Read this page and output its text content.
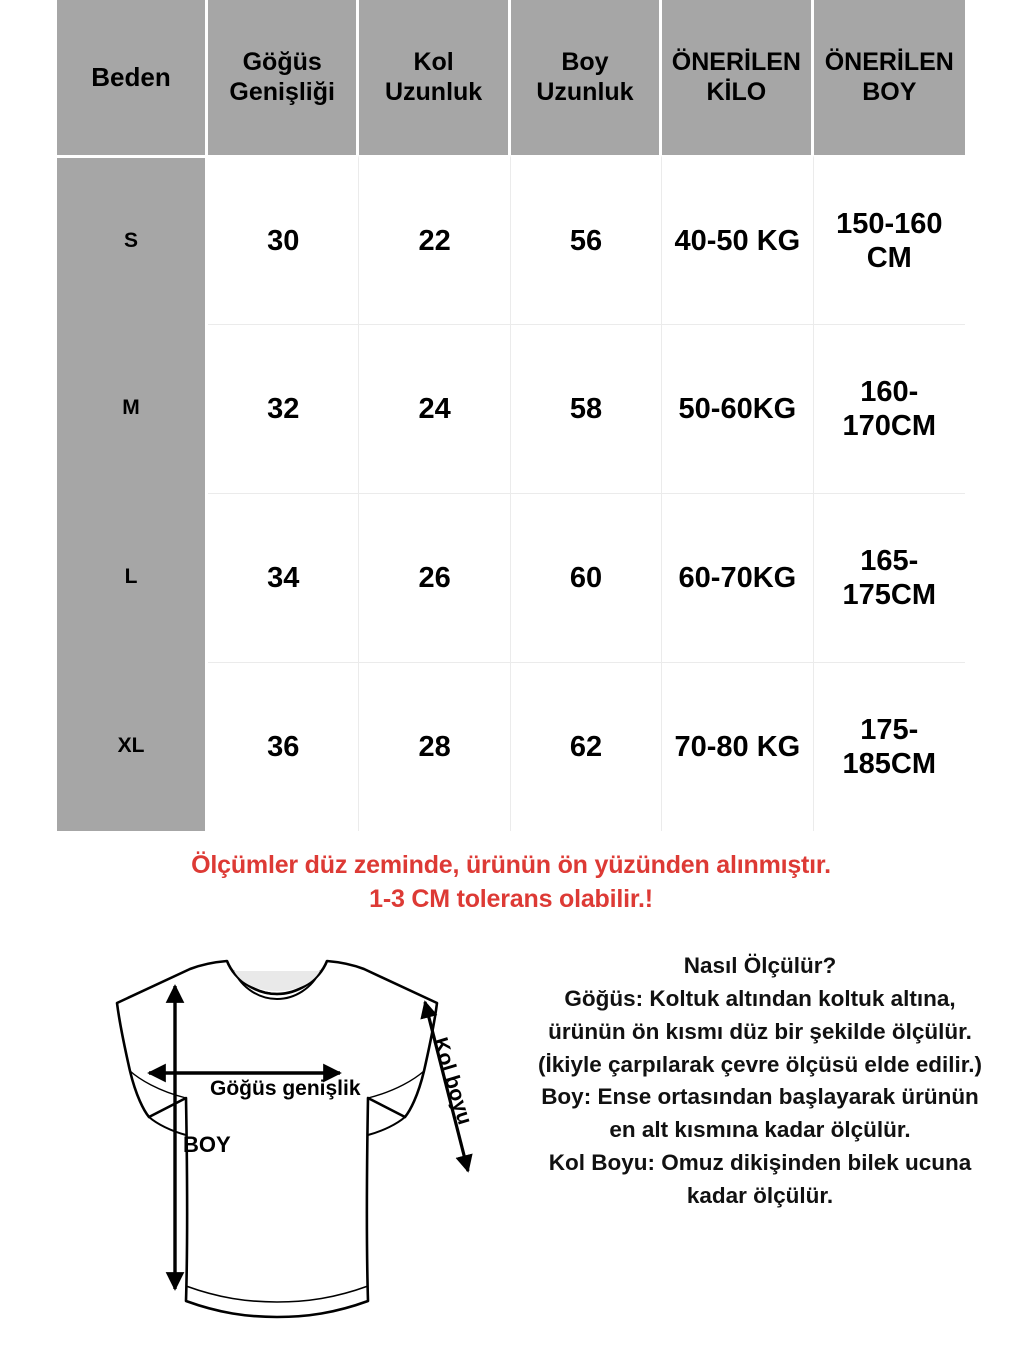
Beden	Göğüs Genişliği	Kol Uzunluk	Boy Uzunluk	ÖNERİLEN KİLO	ÖNERİLEN BOY
S	30	22	56	40-50 KG	150-160 CM
M	32	24	58	50-60KG	160-170CM
L	34	26	60	60-70KG	165-175CM
XL	36	28	62	70-80 KG	175-185CM
Ölçümler düz zeminde, ürünün ön yüzünden alınmıştır.
1-3 CM tolerans olabilir.!
Göğüs genişlik
BOY
Kol boyu
Nasıl Ölçülür?
Göğüs: Koltuk altından koltuk altına, ürünün ön kısmı düz bir şekilde ölçülür. (İkiyle çarpılarak çevre ölçüsü elde edilir.)
Boy: Ense ortasından başlayarak ürünün en alt kısmına kadar ölçülür.
Kol Boyu: Omuz dikişinden bilek ucuna kadar ölçülür.
